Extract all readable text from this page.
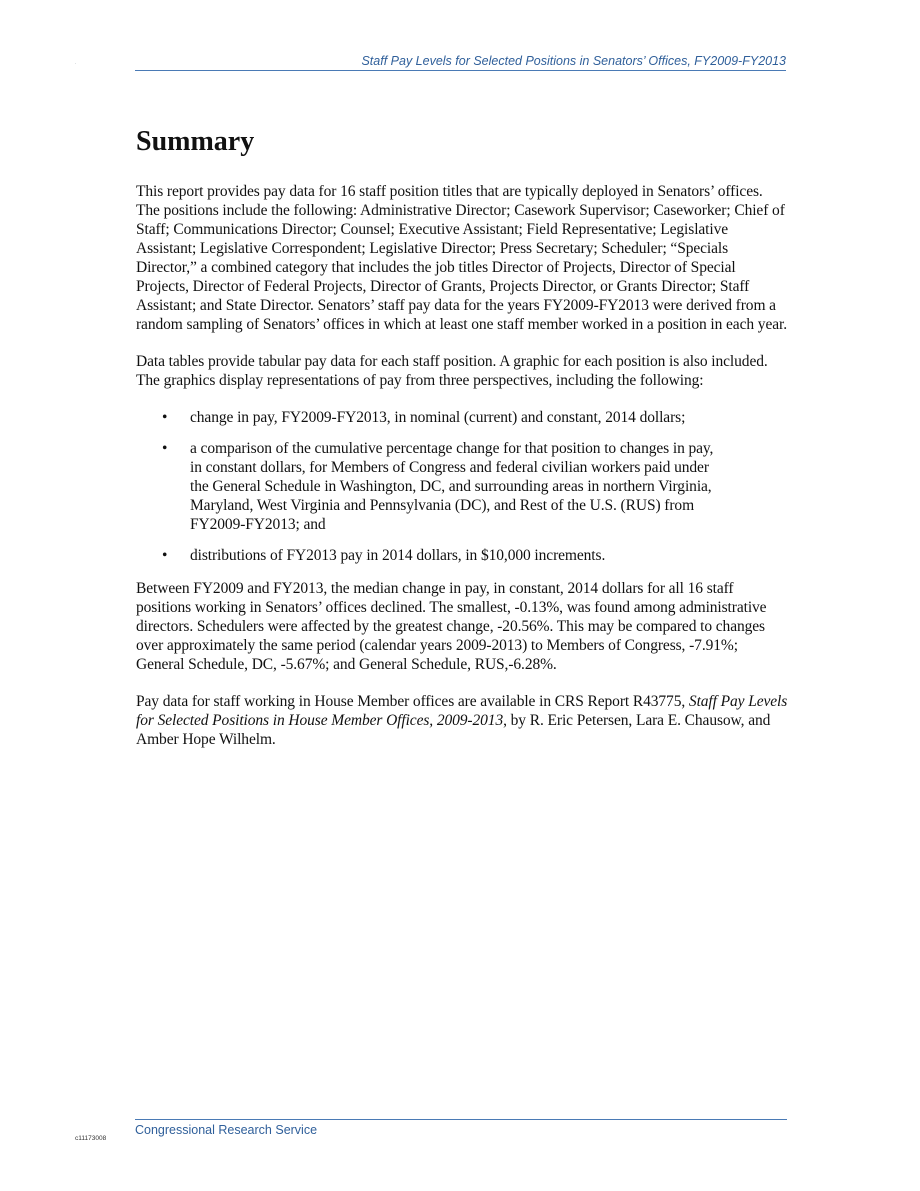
.	Staff Pay Levels for Selected Positions in Senators’ Offices, FY2009-FY2013
Summary

This report provides pay data for 16 staff position titles that are typically deployed in Senators’ offices. The positions include the following: Administrative Director; Casework Supervisor; Caseworker; Chief of Staff; Communications Director; Counsel; Executive Assistant; Field Representative; Legislative Assistant; Legislative Correspondent; Legislative Director; Press Secretary; Scheduler; “Specials Director,” a combined category that includes the job titles Director of Projects, Director of Special Projects, Director of Federal Projects, Director of Grants, Projects Director, or Grants Director; Staff Assistant; and State Director. Senators’ staff pay data for the years FY2009-FY2013 were derived from a random sampling of Senators’ offices in which at least one staff member worked in a position in each year.

Data tables provide tabular pay data for each staff position. A graphic for each position is also included. The graphics display representations of pay from three perspectives, including the following:

• change in pay, FY2009-FY2013, in nominal (current) and constant, 2014 dollars;
• a comparison of the cumulative percentage change for that position to changes in pay, in constant dollars, for Members of Congress and federal civilian workers paid under the General Schedule in Washington, DC, and surrounding areas in northern Virginia, Maryland, West Virginia and Pennsylvania (DC), and Rest of the U.S. (RUS) from FY2009-FY2013; and
• distributions of FY2013 pay in 2014 dollars, in $10,000 increments.

Between FY2009 and FY2013, the median change in pay, in constant, 2014 dollars for all 16 staff positions working in Senators’ offices declined. The smallest, -0.13%, was found among administrative directors. Schedulers were affected by the greatest change, -20.56%. This may be compared to changes over approximately the same period (calendar years 2009-2013) to Members of Congress, -7.91%; General Schedule, DC, -5.67%; and General Schedule, RUS,-6.28%.

Pay data for staff working in House Member offices are available in CRS Report R43775, Staff Pay Levels for Selected Positions in House Member Offices, 2009-2013, by R. Eric Petersen, Lara E. Chausow, and Amber Hope Wilhelm.

Congressional Research Service
c11173008
